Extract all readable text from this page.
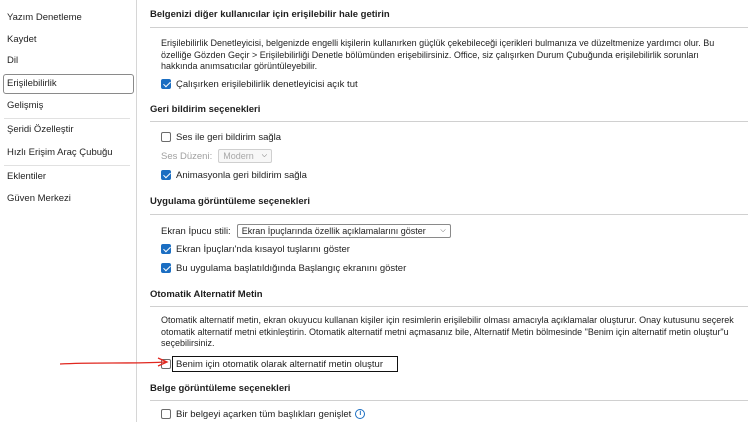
Yazım Denetleme
Kaydet
Dil
Erişilebilirlik
Gelişmiş
Şeridi Özelleştir
Hızlı Erişim Araç Çubuğu
Eklentiler
Güven Merkezi
Belgenizi diğer kullanıcılar için erişilebilir hale getirin
Erişilebilirlik Denetleyicisi, belgenizde engelli kişilerin kullanırken güçlük çekebileceği içerikleri bulmanıza ve düzeltmenize yardımcı olur. Bu özelliğe Gözden Geçir > Erişilebilirliği Denetle bölümünden erişebilirsiniz. Office, siz çalışırken Durum Çubuğunda erişilebilirlik sorunları hakkında anımsatıcılar görüntüleyebilir.
Çalışırken erişilebilirlik denetleyicisi açık tut
Geri bildirim seçenekleri
Ses ile geri bildirim sağla
Ses Düzeni: Modern ⌵
Animasyonla geri bildirim sağla
Uygulama görüntüleme seçenekleri
Ekran İpucu stili: Ekran İpuçlarında özellik açıklamalarını göster ⌵
Ekran İpuçları'nda kısayol tuşlarını göster
Bu uygulama başlatıldığında Başlangıç ekranını göster
Otomatik Alternatif Metin
Otomatik alternatif metin, ekran okuyucu kullanan kişiler için resimlerin erişilebilir olması amacıyla açıklamalar oluşturur. Onay kutusunu seçerek otomatik alternatif metni etkinleştirin. Otomatik alternatif metni açmasanız bile, Alternatif Metin bölmesinde "Benim için alternatif metin oluştur"u seçebilirsiniz.
Benim için otomatik olarak alternatif metin oluştur
Belge görüntüleme seçenekleri
Bir belgeyi açarken tüm başlıkları genişlet	i
